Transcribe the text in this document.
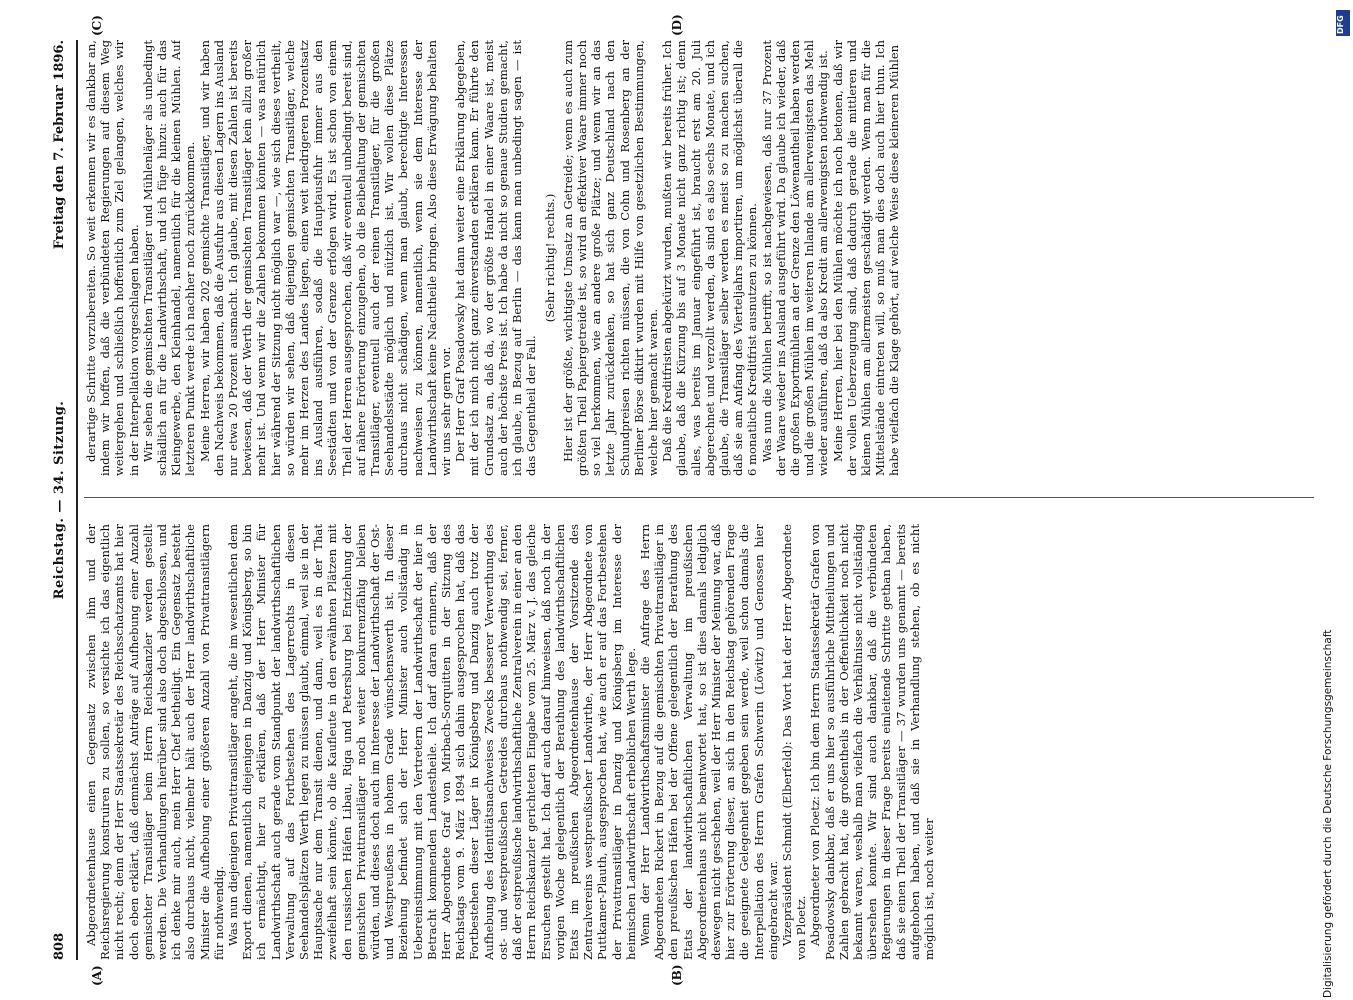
808
Reichstag. — 34. Sitzung.
Freitag den 7. Februar 1896.

Abgeordnetenhause einen Gegensatz zwischen ihm und der Reichsregierung konstruiren zu sollen, so versichte ich das eigentlich nicht recht; denn der Herr Staatssekretär des Reichsschatzamts hat hier doch eben erklärt, daß demnächst Anträge auf Aufhebung einer Anzahl gemischter Transitläger beim Herrn Reichskanzler werden gestellt werden. Die Verhandlungen hierüber sind also doch abgeschlossen, und ich denke mir auch, mein Herr Chef betheiligt. Ein Gegensatz besteht also durchaus nicht, vielmehr hält auch der Herr landwirthschaftliche Minister die Aufhebung einer größeren Anzahl von Privattransitlägern für nothwendig. Was nun diejenigen Privattransitläger angeht, die im wesentlichen dem Export dienen, namentlich diejenigen in Danzig und Königsberg, so bin ich ermächtigt, hier zu erklären, daß der Herr Minister für Landwirthschaft auch gerade vom Standpunkt der landwirthschaftlichen Verwaltung auf das Fortbestehen des Lagerrechts in diesen Seehandelsplätzen Werth legen zu müssen glaubt, einmal, weil sie in der Hauptsache nur dem Transit dienen, und dann, weil es in der That zweifelhaft sein könnte, ob die Kaufleute in den erwähnten Plätzen mit den russischen Häfen Libau, Riga und Petersburg bei Entziehung der gemischten Privattransitläger noch weiter konkurrenzfähig bleiben würden, und dieses doch auch im Interesse der Landwirthschaft der Ost- und Westpreußens in hohem Grade wünschenswerth ist. In dieser Beziehung befindet sich der Herr Minister auch vollständig in Uebereinstimmung mit den Vertretern der Landwirthschaft der hier in Betracht kommenden Landestheile. Ich darf daran erinnern, daß der Herr Abgeordnete Graf von Mirbach-Sorquitten in der Sitzung des Reichstags vom 9. März 1894 sich dahin ausgesprochen hat, daß das Fortbestehen dieser Läger in Königsberg und Danzig auch trotz der Aufhebung des Identitätsnachweises Zwecks besserer Verwerthung des ost- und westpreußischen Getreides durchaus nothwendig sei, ferner, daß der ostpreußische landwirthschaftliche Zentralverein in einer an den Herrn Reichskanzler gerichteten Eingabe vom 25. März v. J. das gleiche Ersuchen gestellt hat. Ich darf auch darauf hinweisen, daß noch in der vorigen Woche gelegentlich der Berathung des landwirthschaftlichen Etats im preußischen Abgeordnetenhause der Vorsitzende des Zentralvereins westpreußischer Landwirthe, der Herr Abgeordnete von Puttkamer-Plauth, ausgesprochen hat, wie auch er auf das Fortbestehen der Privattransitläger in Danzig und Königsberg im Interesse der heimischen Landwirthschaft erheblichen Werth lege. Wenn der Herr Landwirthschaftsminister die Anfrage des Herrn Abgeordneten Rickert in Bezug auf die gemischten Privattransitläger in den preußischen Häfen bei der Offene gelegentlich der Berathung des Etats der landwirthschaftlichen Verwaltung im preußischen Abgeordnetenhaus nicht beantwortet hat, so ist dies damals lediglich deswegen nicht geschehen, weil der Herr Minister der Meinung war, daß hier zur Erörterung dieser, an sich in den Reichstag gehörenden Frage die geeignete Gelegenheit gegeben sein werde, weil schon damals die Interpellation des Herrn Grafen Schwerin (Löwitz) und Genossen hier eingebracht war. Vizepräsident Schmidt (Elberfeld): Das Wort hat der Herr Abgeordnete von Ploetz. Abgeordneter von Ploetz: Ich bin dem Herrn Staatssekretär Grafen von Posadowsky dankbar, daß er uns hier so ausführliche Mittheilungen und Zahlen gebracht hat, die großentheils in der Oeffentlichkeit noch nicht bekannt waren, weshalb man vielfach die Verhältnisse nicht vollständig übersehen konnte. Wir sind auch dankbar, daß die verbündeten Regierungen in dieser Frage bereits einleitende Schritte gethan haben, daß sie einen Theil der Transitläger — 37 wurden uns genannt — bereits aufgehoben haben, und daß sie in Verhandlung stehen, ob es nicht möglich ist, noch weiter

derartige Schritte vorzubereiten. So weit erkennen wir es dankbar an, indem wir hoffen, daß die verbündeten Regierungen auf diesem Weg weitergehen und schließlich hoffentlich zum Ziel gelangen, welches wir in der Interpellation vorgeschlagen haben. Wir sehen die gemischten Transitläger und Mühlenläger als unbedingt schädlich an für die Landwirthschaft, und ich füge hinzu: auch für das Kleingewerbe, den Kleinhandel, namentlich für die kleinen Mühlen. Auf letzteren Punkt werde ich nachher noch zurückkommen. Meine Herren, wir haben 202 gemischte Transitläger, und wir haben den Nachweis bekommen, daß die Ausfuhr aus diesen Lagern ins Ausland nur etwa 20 Prozent ausmacht. Ich glaube, mit diesen Zahlen ist bereits bewiesen, daß der Werth der gemischten Transitläger kein allzu großer mehr ist. Und wenn wir die Zahlen bekommen könnten — was natürlich hier während der Sitzung nicht möglich war —, wie sich dieses vertheilt, so würden wir sehen, daß diejenigen gemischten Transitläger, welche mehr im Herzen des Landes liegen, einen weit niedrigeren Prozentsatz ins Ausland ausführen, sodaß die Hauptausfuhr immer aus den Seestädten und von der Grenze erfolgen wird. Es ist schon von einem Theil der Herren ausgesprochen, daß wir eventuell unbedingt bereit sind, auf nähere Erörterung einzugehen, ob die Beibehaltung der gemischten Transitläger, eventuell auch der reinen Transitläger, für die großen Seehandelsstädte möglich und nützlich ist. Wir wollen diese Plätze durchaus nicht schädigen, wenn man glaubt, berechtigte Interessen nachweisen zu können, namentlich, wenn sie dem Interesse der Landwirthschaft keine Nachtheile bringen. Also diese Erwägung behalten wir uns sehr gern vor. Der Herr Graf Posadowsky hat dann weiter eine Erklärung abgegeben, mit der ich mich nicht ganz einverstanden erklären kann. Er führte den Grundsatz an, daß da, wo der größte Handel in einer Waare ist, meist auch der höchste Preis ist. Ich habe da nicht so genaue Studien gemacht, ich glaube, in Bezug auf Berlin — das kann man unbedingt sagen — ist das Gegentheil der Fall.

(Sehr richtig! rechts.) Hier ist der größte, wichtigste Umsatz an Getreide; wenn es auch zum größten Theil Papiergetreide ist, so wird an effektiver Waare immer noch so viel herkommen, wie an andere große Plätze; und wenn wir an das letzte Jahr zurückdenken, so hat sich ganz Deutschland nach den Schundpreisen richten müssen, die von Cohn und Rosenberg an der Berliner Börse diktirt wurden mit Hilfe von gesetzlichen Bestimmungen, welche hier gemacht waren. Daß die Kreditfristen abgekürzt wurden, mußten wir bereits früher. Ich glaube, daß die Kürzung bis auf 3 Monate nicht ganz richtig ist; denn alles, was bereits im Januar eingeführt ist, braucht erst am 20. Juli abgerechnet und verzollt werden, da sind es also sechs Monate, und ich glaube, die Transitläger selber werden es meist so zu machen suchen, daß sie am Anfang des Vierteljahrs importiren, um möglichst überall die 6 monatliche Kreditfrist ausnutzen zu können. Was nun die Mühlen betrifft, so ist nachgewiesen, daß nur 37 Prozent der Waare wieder ins Ausland ausgeführt wird. Da glaube ich wieder, daß die großen Exportmühlen an der Grenze den Löwenantheil haben werden und die großen Mühlen im weiteren Inlande am allerwenigsten das Mehl wieder ausführen, daß da also Kredit am allerwenigsten nothwendig ist. Meine Herren, hier bei den Mühlen möchte ich noch betonen, daß wir der vollen Ueberzeugung sind, daß dadurch gerade die mittleren und kleinen Mühlen am allermeisten geschädigt werden. Wenn man für die Mittelstände eintreten will, so muß man dies doch auch hier thun. Ich habe vielfach die Klage gehört, auf welche Weise diese kleineren Mühlen

(A)	(B)
(C)	(D)
Digitalisierung gefördert durch die Deutsche Forschungsgemeinschaft
DFG
